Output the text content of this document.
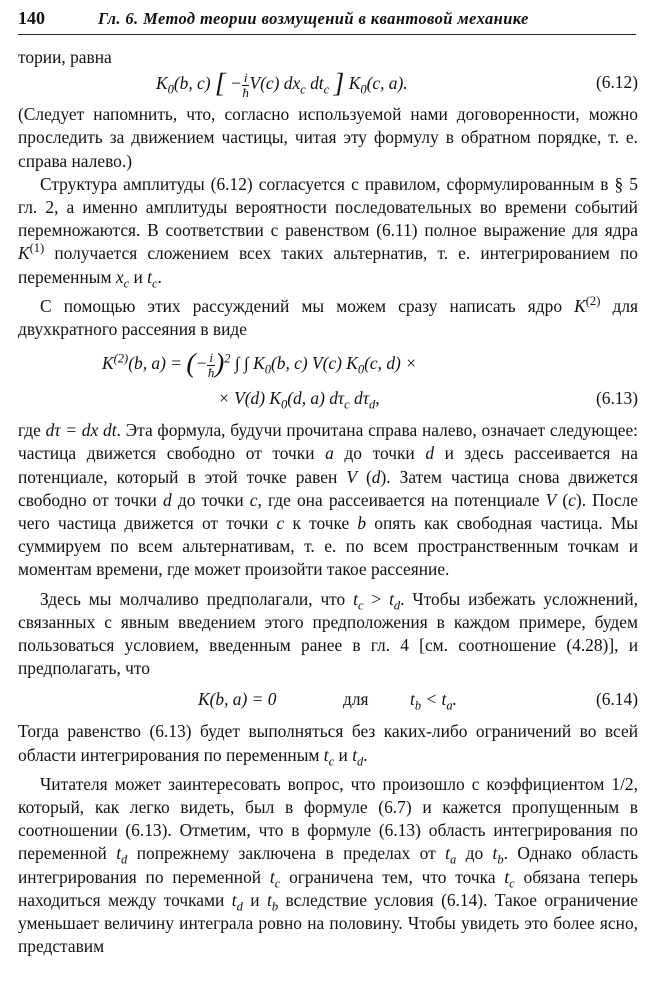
140	Гл. 6. Метод теории возмущений в квантовой механике

тории, равна

$K_0(b$, c) [ − $\frac{i}{ħ} V(c)$ $dx_c$ $dt_c$ ] $K_0(c$, a).	(6.12)

(Следует напомнить, что, согласно используемой нами договоренности, можно проследить за движением частицы, читая эту формулу в обратном порядке, т. е. справа налево.)

Структура амплитуды (6.12) согласуется с правилом, сформулированным в § 5 гл. 2, а именно амплитуды вероятности последовательных во времени событий перемножаются. В соответствии с равенством (6.11) полное выражение для ядра $K^{(1)}$ получается сложением всех таких альтернатив, т. е. интегрированием по переменным $x_c$ и $t_c$.

С помощью этих рассуждений мы можем сразу написать ядро $K^{(2)}$ для двухкратного рассеяния в виде

$K^{(2)}(b$, a) = (− $\frac{i}{ħ} )^2$ ∫ ∫ $K_0(b$, c) V(c) $K_0(c$, d) ×
× V(d) $K_0(d$, a) $d\tau_c$ $d\tau_d$,	(6.13)

где dτ = dx dt. Эта формула, будучи прочитана справа налево, означает следующее: частица движется свободно от точки a до точки d и здесь рассеивается на потенциале, который в этой точке равен V (d). Затем частица снова движется свободно от точки d до точки c, где она рассеивается на потенциале V (c). После чего частица движется от точки c к точке b опять как свободная частица. Мы суммируем по всем альтернативам, т. е. по всем пространственным точкам и моментам времени, где может произойти такое рассеяние.

Здесь мы молчаливо предполагали, что $t_c > t_d$. Чтобы избежать усложнений, связанных с явным введением этого предположения в каждом примере, будем пользоваться условием, введенным ранее в гл. 4 [см. соотношение (4.28)], и предполагать, что

K(b, a) = 0	для $t_b < t_a$.	(6.14)

Тогда равенство (6.13) будет выполняться без каких-либо ограничений во всей области интегрирования по переменным $t_c$ и $t_d$.

Читателя может заинтересовать вопрос, что произошло с коэффициентом 1/2, который, как легко видеть, был в формуле (6.7) и кажется пропущенным в соотношении (6.13). Отметим, что в формуле (6.13) область интегрирования по переменной $t_d$ попрежнему заключена в пределах от $t_a$ до $t_b$. Однако область интегрирования по переменной $t_c$ ограничена тем, что точка $t_c$ обязана теперь находиться между точками $t_d$ и $t_b$ вследствие условия (6.14). Такое ограничение уменьшает величину интеграла ровно на половину. Чтобы увидеть это более ясно, представим
